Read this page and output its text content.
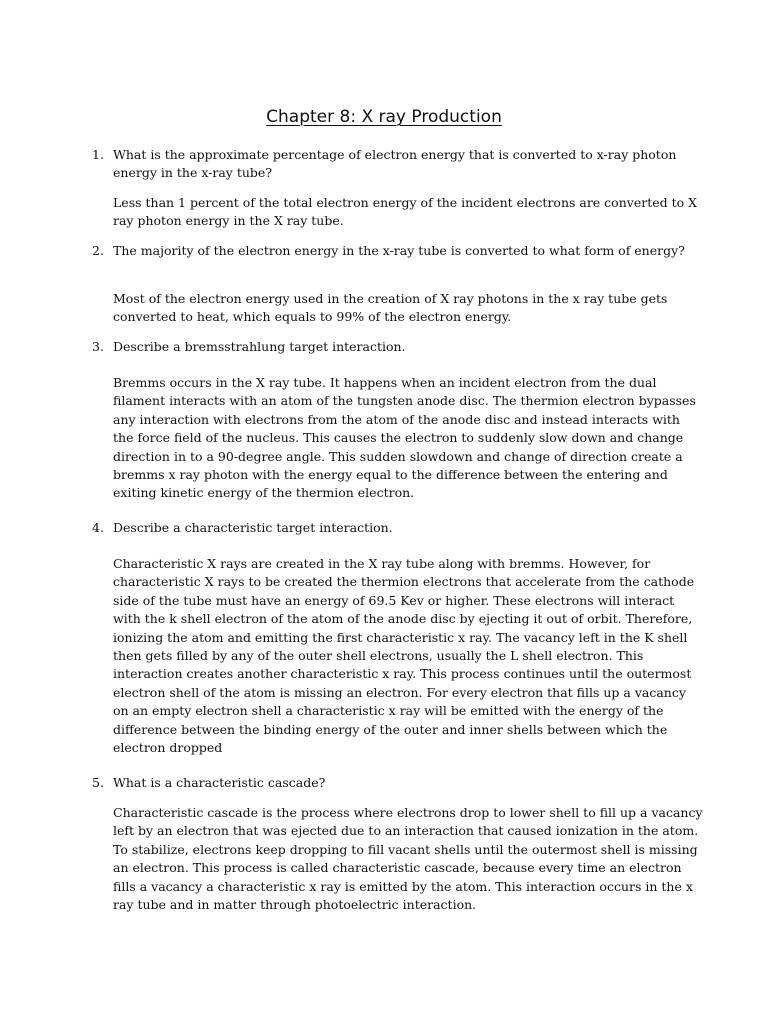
Chapter 8: X ray Production
1. What is the approximate percentage of electron energy that is converted to x-ray photon energy in the x-ray tube?

Less than 1 percent of the total electron energy of the incident electrons are converted to X ray photon energy in the X ray tube.

2. The majority of the electron energy in the x-ray tube is converted to what form of energy?

Most of the electron energy used in the creation of X ray photons in the x ray tube gets converted to heat, which equals to 99% of the electron energy.

3. Describe a bremsstrahlung target interaction.

Bremms occurs in the X ray tube. It happens when an incident electron from the dual filament interacts with an atom of the tungsten anode disc. The thermion electron bypasses any interaction with electrons from the atom of the anode disc and instead interacts with the force field of the nucleus. This causes the electron to suddenly slow down and change direction in to a 90-degree angle. This sudden slowdown and change of direction create a bremms x ray photon with the energy equal to the difference between the entering and exiting kinetic energy of the thermion electron.

4. Describe a characteristic target interaction.

Characteristic X rays are created in the X ray tube along with bremms. However, for characteristic X rays to be created the thermion electrons that accelerate from the cathode side of the tube must have an energy of 69.5 Kev or higher. These electrons will interact with the k shell electron of the atom of the anode disc by ejecting it out of orbit. Therefore, ionizing the atom and emitting the first characteristic x ray. The vacancy left in the K shell then gets filled by any of the outer shell electrons, usually the L shell electron. This interaction creates another characteristic x ray. This process continues until the outermost electron shell of the atom is missing an electron. For every electron that fills up a vacancy on an empty electron shell a characteristic x ray will be emitted with the energy of the difference between the binding energy of the outer and inner shells between which the electron dropped

5. What is a characteristic cascade?

Characteristic cascade is the process where electrons drop to lower shell to fill up a vacancy left by an electron that was ejected due to an interaction that caused ionization in the atom. To stabilize, electrons keep dropping to fill vacant shells until the outermost shell is missing an electron. This process is called characteristic cascade, because every time an electron fills a vacancy a characteristic x ray is emitted by the atom. This interaction occurs in the x ray tube and in matter through photoelectric interaction.
